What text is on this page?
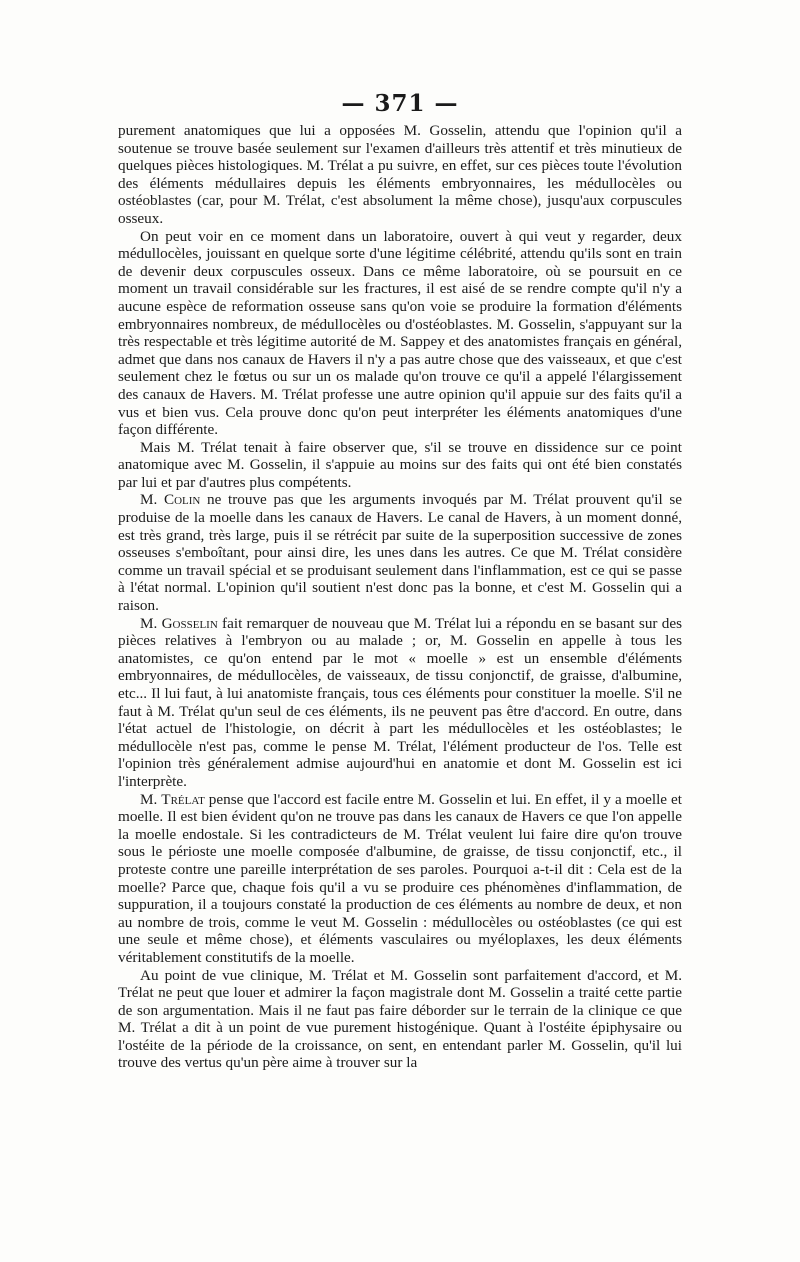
— 371 —

purement anatomiques que lui a opposées M. Gosselin, attendu que l'opinion qu'il a soutenue se trouve basée seulement sur l'examen d'ailleurs très attentif et très minutieux de quelques pièces histologiques. M. Trélat a pu suivre, en effet, sur ces pièces toute l'évolution des éléments médullaires depuis les éléments embryonnaires, les médullocèles ou ostéoblastes (car, pour M. Trélat, c'est absolument la même chose), jusqu'aux corpuscules osseux.

On peut voir en ce moment dans un laboratoire, ouvert à qui veut y regarder, deux médullocèles, jouissant en quelque sorte d'une légitime célébrité, attendu qu'ils sont en train de devenir deux corpuscules osseux. Dans ce même laboratoire, où se poursuit en ce moment un travail considérable sur les fractures, il est aisé de se rendre compte qu'il n'y a aucune espèce de reformation osseuse sans qu'on voie se produire la formation d'éléments embryonnaires nombreux, de médullocèles ou d'ostéoblastes. M. Gosselin, s'appuyant sur la très respectable et très légitime autorité de M. Sappey et des anatomistes français en général, admet que dans nos canaux de Havers il n'y a pas autre chose que des vaisseaux, et que c'est seulement chez le fœtus ou sur un os malade qu'on trouve ce qu'il a appelé l'élargissement des canaux de Havers. M. Trélat professe une autre opinion qu'il appuie sur des faits qu'il a vus et bien vus. Cela prouve donc qu'on peut interpréter les éléments anatomiques d'une façon différente.

Mais M. Trélat tenait à faire observer que, s'il se trouve en dissidence sur ce point anatomique avec M. Gosselin, il s'appuie au moins sur des faits qui ont été bien constatés par lui et par d'autres plus compétents.

M. Colin ne trouve pas que les arguments invoqués par M. Trélat prouvent qu'il se produise de la moelle dans les canaux de Havers. Le canal de Havers, à un moment donné, est très grand, très large, puis il se rétrécit par suite de la superposition successive de zones osseuses s'emboîtant, pour ainsi dire, les unes dans les autres. Ce que M. Trélat considère comme un travail spécial et se produisant seulement dans l'inflammation, est ce qui se passe à l'état normal. L'opinion qu'il soutient n'est donc pas la bonne, et c'est M. Gosselin qui a raison.

M. Gosselin fait remarquer de nouveau que M. Trélat lui a répondu en se basant sur des pièces relatives à l'embryon ou au malade ; or, M. Gosselin en appelle à tous les anatomistes, ce qu'on entend par le mot « moelle » est un ensemble d'éléments embryonnaires, de médullocèles, de vaisseaux, de tissu conjonctif, de graisse, d'albumine, etc... Il lui faut, à lui anatomiste français, tous ces éléments pour constituer la moelle. S'il ne faut à M. Trélat qu'un seul de ces éléments, ils ne peuvent pas être d'accord. En outre, dans l'état actuel de l'histologie, on décrit à part les médullocèles et les ostéoblastes; le médullocèle n'est pas, comme le pense M. Trélat, l'élément producteur de l'os. Telle est l'opinion très généralement admise aujourd'hui en anatomie et dont M. Gosselin est ici l'interprète.

M. Trélat pense que l'accord est facile entre M. Gosselin et lui. En effet, il y a moelle et moelle. Il est bien évident qu'on ne trouve pas dans les canaux de Havers ce que l'on appelle la moelle endostale. Si les contradicteurs de M. Trélat veulent lui faire dire qu'on trouve sous le périoste une moelle composée d'albumine, de graisse, de tissu conjonctif, etc., il proteste contre une pareille interprétation de ses paroles. Pourquoi a-t-il dit : Cela est de la moelle? Parce que, chaque fois qu'il a vu se produire ces phénomènes d'inflammation, de suppuration, il a toujours constaté la production de ces éléments au nombre de deux, et non au nombre de trois, comme le veut M. Gosselin : médullocèles ou ostéoblastes (ce qui est une seule et même chose), et éléments vasculaires ou myéloplaxes, les deux éléments véritablement constitutifs de la moelle.

Au point de vue clinique, M. Trélat et M. Gosselin sont parfaitement d'accord, et M. Trélat ne peut que louer et admirer la façon magistrale dont M. Gosselin a traité cette partie de son argumentation. Mais il ne faut pas faire déborder sur le terrain de la clinique ce que M. Trélat a dit à un point de vue purement histogénique. Quant à l'ostéite épiphysaire ou l'ostéite de la période de la croissance, on sent, en entendant parler M. Gosselin, qu'il lui trouve des vertus qu'un père aime à trouver sur la
